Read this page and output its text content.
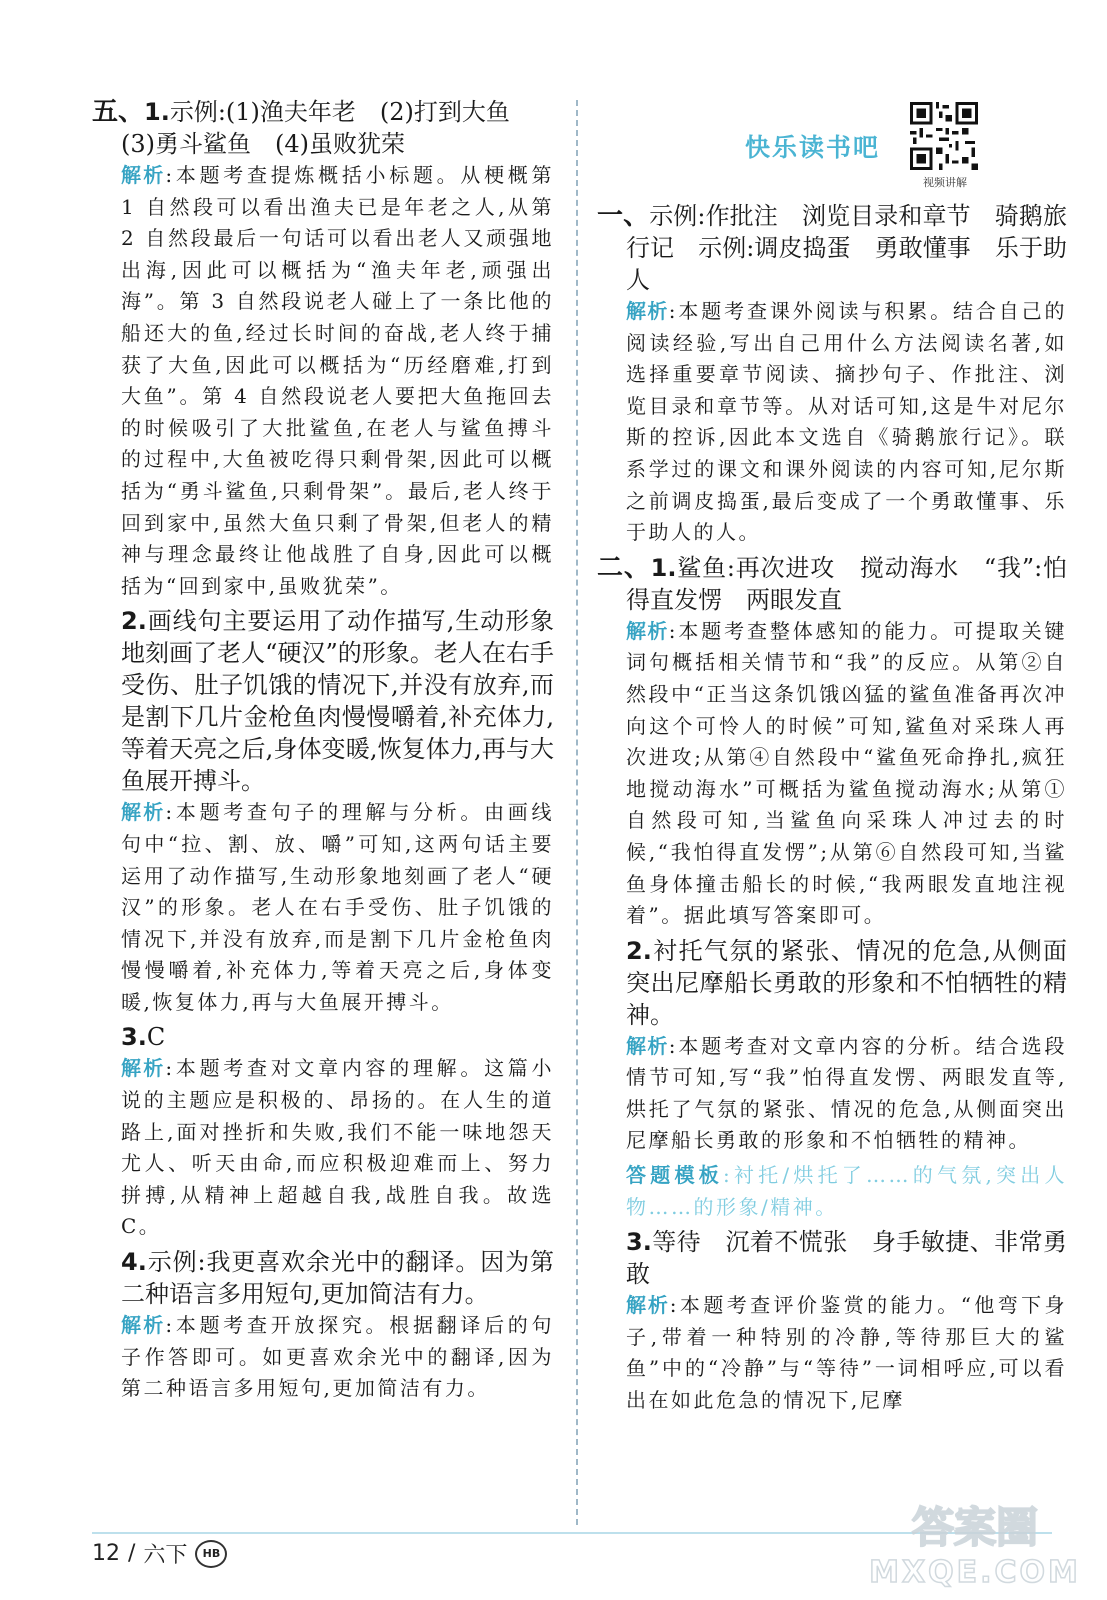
五、1.示例:(1)渔夫年老　(2)打到大鱼

(3)勇斗鲨鱼　(4)虽败犹荣

解析:本题考查提炼概括小标题。从梗概第 1 自然段可以看出渔夫已是年老之人,从第 2 自然段最后一句话可以看出老人又顽强地出海,因此可以概括为“渔夫年老,顽强出海”。第 3 自然段说老人碰上了一条比他的船还大的鱼,经过长时间的奋战,老人终于捕获了大鱼,因此可以概括为“历经磨难,打到大鱼”。第 4 自然段说老人要把大鱼拖回去的时候吸引了大批鲨鱼,在老人与鲨鱼搏斗的过程中,大鱼被吃得只剩骨架,因此可以概括为“勇斗鲨鱼,只剩骨架”。最后,老人终于回到家中,虽然大鱼只剩了骨架,但老人的精神与理念最终让他战胜了自身,因此可以概括为“回到家中,虽败犹荣”。

2.画线句主要运用了动作描写,生动形象地刻画了老人“硬汉”的形象。老人在右手受伤、肚子饥饿的情况下,并没有放弃,而是割下几片金枪鱼肉慢慢嚼着,补充体力,等着天亮之后,身体变暖,恢复体力,再与大鱼展开搏斗。

解析:本题考查句子的理解与分析。由画线句中“拉、割、放、嚼”可知,这两句话主要运用了动作描写,生动形象地刻画了老人“硬汉”的形象。老人在右手受伤、肚子饥饿的情况下,并没有放弃,而是割下几片金枪鱼肉慢慢嚼着,补充体力,等着天亮之后,身体变暖,恢复体力,再与大鱼展开搏斗。

3.C

解析:本题考查对文章内容的理解。这篇小说的主题应是积极的、昂扬的。在人生的道路上,面对挫折和失败,我们不能一味地怨天尤人、听天由命,而应积极迎难而上、努力拼搏,从精神上超越自我,战胜自我。故选 C。

4.示例:我更喜欢余光中的翻译。因为第二种语言多用短句,更加简洁有力。

解析:本题考查开放探究。根据翻译后的句子作答即可。如更喜欢余光中的翻译,因为第二种语言多用短句,更加简洁有力。

快乐读书吧
视频讲解

一、示例:作批注　浏览目录和章节　骑鹅旅行记　示例:调皮捣蛋　勇敢懂事　乐于助人

解析:本题考查课外阅读与积累。结合自己的阅读经验,写出自己用什么方法阅读名著,如选择重要章节阅读、摘抄句子、作批注、浏览目录和章节等。从对话可知,这是牛对尼尔斯的控诉,因此本文选自《骑鹅旅行记》。联系学过的课文和课外阅读的内容可知,尼尔斯之前调皮捣蛋,最后变成了一个勇敢懂事、乐于助人的人。

二、1.鲨鱼:再次进攻　搅动海水　“我”:怕得直发愣　两眼发直

解析:本题考查整体感知的能力。可提取关键词句概括相关情节和“我”的反应。从第②自然段中“正当这条饥饿凶猛的鲨鱼准备再次冲向这个可怜人的时候”可知,鲨鱼对采珠人再次进攻;从第④自然段中“鲨鱼死命挣扎,疯狂地搅动海水”可概括为鲨鱼搅动海水;从第①自然段可知,当鲨鱼向采珠人冲过去的时候,“我怕得直发愣”;从第⑥自然段可知,当鲨鱼身体撞击船长的时候,“我两眼发直地注视着”。据此填写答案即可。

2.衬托气氛的紧张、情况的危急,从侧面突出尼摩船长勇敢的形象和不怕牺牲的精神。

解析:本题考查对文章内容的分析。结合选段情节可知,写“我”怕得直发愣、两眼发直等,烘托了气氛的紧张、情况的危急,从侧面突出尼摩船长勇敢的形象和不怕牺牲的精神。

答题模板:衬托/烘托了……的气氛,突出人物……的形象/精神。

3.等待　沉着不慌张　身手敏捷、非常勇敢

解析:本题考查评价鉴赏的能力。“他弯下身子,带着一种特别的冷静,等待那巨大的鲨鱼”中的“冷静”与“等待”一词相呼应,可以看出在如此危急的情况下,尼摩

12 / 六下	HB
答案圈
MXQE.COM
